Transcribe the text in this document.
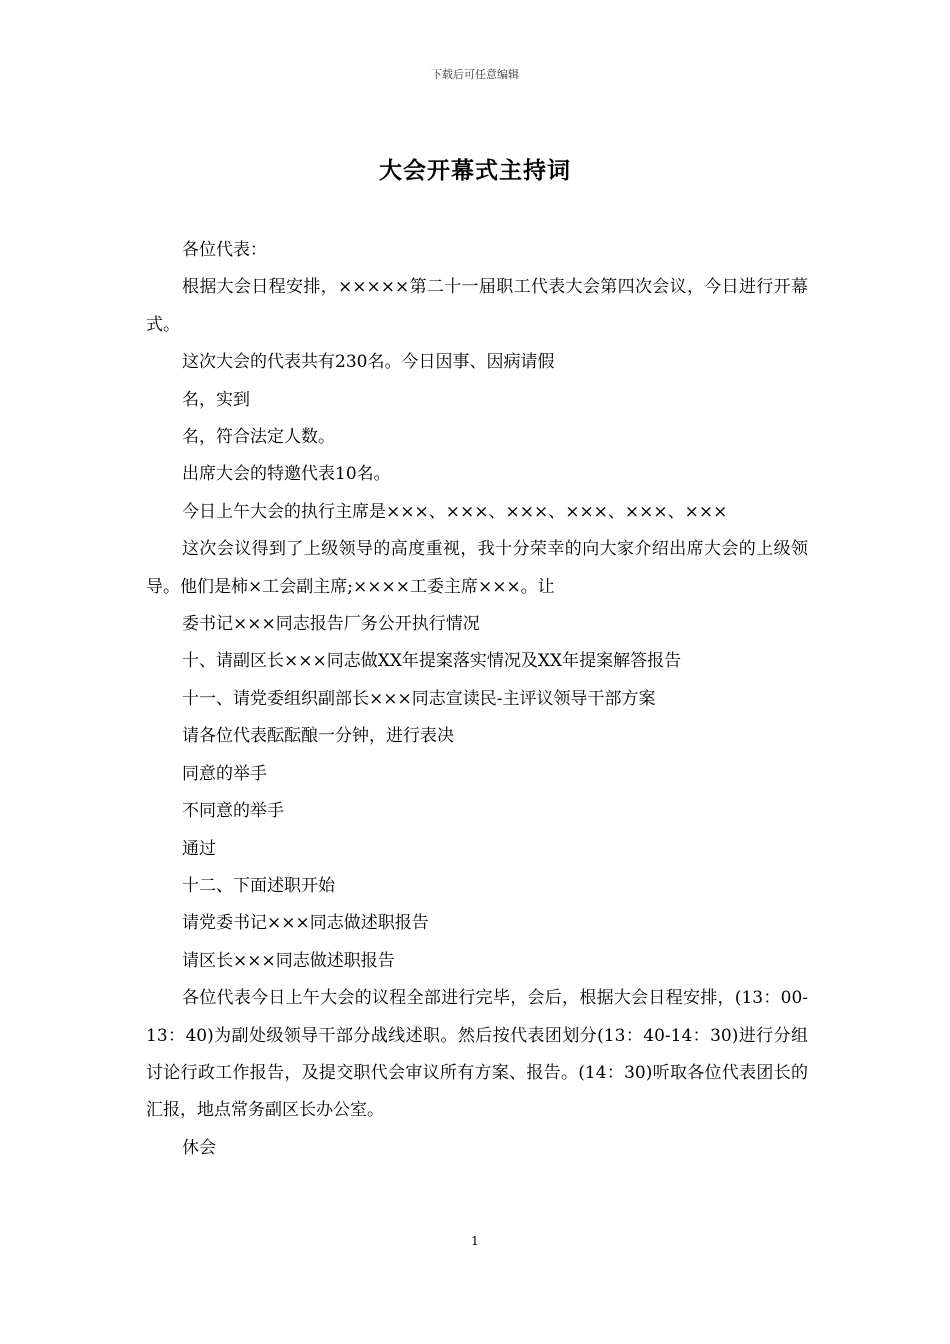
下载后可任意编辑
大会开幕式主持词

各位代表：

根据大会日程安排，×××××第二十一届职工代表大会第四次会议，今日进行开幕式。

这次大会的代表共有230名。今日因事、因病请假

名，实到

名，符合法定人数。

出席大会的特邀代表10名。

今日上午大会的执行主席是×××、×××、×××、×××、×××、×××

这次会议得到了上级领导的高度重视，我十分荣幸的向大家介绍出席大会的上级领导。他们是柿×工会副主席;××××工委主席×××。让

委书记×××同志报告厂务公开执行情况

十、请副区长×××同志做XX年提案落实情况及XX年提案解答报告

十一、请党委组织副部长×××同志宣读民-主评议领导干部方案

请各位代表酝酝酿一分钟，进行表决

同意的举手

不同意的举手

通过

十二、下面述职开始

请党委书记×××同志做述职报告

请区长×××同志做述职报告

各位代表今日上午大会的议程全部进行完毕，会后，根据大会日程安排，(13：00-13：40)为副处级领导干部分战线述职。然后按代表团划分(13：40-14：30)进行分组讨论行政工作报告，及提交职代会审议所有方案、报告。(14：30)听取各位代表团长的汇报，地点常务副区长办公室。

休会

1
